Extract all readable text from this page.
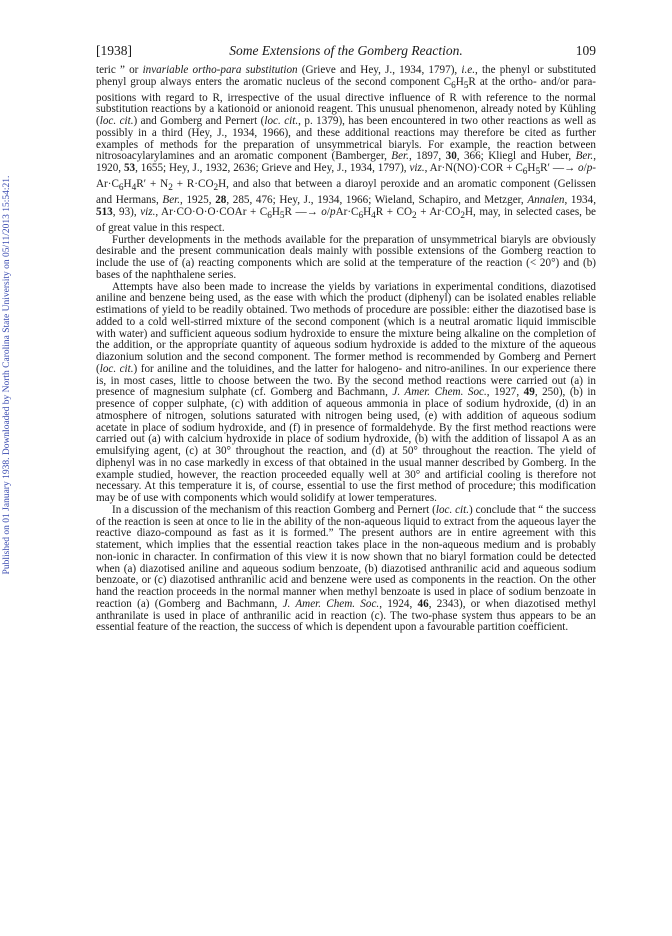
[1938]	Some Extensions of the Gomberg Reaction.	109
Published on 01 January 1938. Downloaded by North Carolina State University on 05/11/2013 15:54:21.

teric ” or invariable ortho-para substitution (Grieve and Hey, J., 1934, 1797), i.e., the phenyl or substituted phenyl group always enters the aromatic nucleus of the second component $C_6H_5R$ at the ortho- and/or para-positions with regard to R, irrespective of the usual directive influence of R with reference to the normal substitution reactions by a kationoid or anionoid reagent. This unusual phenomenon, already noted by Kühling (loc. cit.) and Gomberg and Pernert (loc. cit., p. 1379), has been encountered in two other reactions as well as possibly in a third (Hey, J., 1934, 1966), and these additional reactions may therefore be cited as further examples of methods for the preparation of unsymmetrical biaryls. For example, the reaction between nitrosoacylarylamines and an aromatic component (Bamberger, Ber., 1897, 30, 366; Kliegl and Huber, Ber., 1920, 53, 1655; Hey, J., 1932, 2636; Grieve and Hey, J., 1934, 1797), viz., $Ar\cdot N(NO)\cdot COR + C_6H_5R'$ —→ $o/p-Ar\cdot C_6H_4R' + N_2 + R\cdot CO_2H$, and also that between a diaroyl peroxide and an aromatic component (Gelissen and Hermans, Ber., 1925, 28, 285, 476; Hey, J., 1934, 1966; Wieland, Schapiro, and Metzger, Annalen, 1934, 513, 93), viz., Ar·CO·O·O·COAr + $C_6H_5R$ —→ $o/pAr\cdot C_6H_4R + CO_2 + Ar\cdot CO_2H$, may, in selected cases, be of great value in this respect.

Further developments in the methods available for the preparation of unsymmetrical biaryls are obviously desirable and the present communication deals mainly with possible extensions of the Gomberg reaction to include the use of (a) reacting components which are solid at the temperature of the reaction (< 20°) and (b) bases of the naphthalene series.

Attempts have also been made to increase the yields by variations in experimental conditions, diazotised aniline and benzene being used, as the ease with which the product (diphenyl) can be isolated enables reliable estimations of yield to be readily obtained. Two methods of procedure are possible: either the diazotised base is added to a cold well-stirred mixture of the second component (which is a neutral aromatic liquid immiscible with water) and sufficient aqueous sodium hydroxide to ensure the mixture being alkaline on the completion of the addition, or the appropriate quantity of aqueous sodium hydroxide is added to the mixture of the aqueous diazonium solution and the second component. The former method is recommended by Gomberg and Pernert (loc. cit.) for aniline and the toluidines, and the latter for halogeno- and nitro-anilines. In our experience there is, in most cases, little to choose between the two. By the second method reactions were carried out (a) in presence of magnesium sulphate (cf. Gomberg and Bachmann, J. Amer. Chem. Soc., 1927, 49, 250), (b) in presence of copper sulphate, (c) with addition of aqueous ammonia in place of sodium hydroxide, (d) in an atmosphere of nitrogen, solutions saturated with nitrogen being used, (e) with addition of aqueous sodium acetate in place of sodium hydroxide, and (f) in presence of formaldehyde. By the first method reactions were carried out (a) with calcium hydroxide in place of sodium hydroxide, (b) with the addition of lissapol A as an emulsifying agent, (c) at 30° throughout the reaction, and (d) at 50° throughout the reaction. The yield of diphenyl was in no case markedly in excess of that obtained in the usual manner described by Gomberg. In the example studied, however, the reaction proceeded equally well at 30° and artificial cooling is therefore not necessary. At this temperature it is, of course, essential to use the first method of procedure; this modification may be of use with components which would solidify at lower temperatures.

In a discussion of the mechanism of this reaction Gomberg and Pernert (loc. cit.) conclude that “ the success of the reaction is seen at once to lie in the ability of the non-aqueous liquid to extract from the aqueous layer the reactive diazo-compound as fast as it is formed.” The present authors are in entire agreement with this statement, which implies that the essential reaction takes place in the non-aqueous medium and is probably non-ionic in character. In confirmation of this view it is now shown that no biaryl formation could be detected when (a) diazotised aniline and aqueous sodium benzoate, (b) diazotised anthranilic acid and aqueous sodium benzoate, or (c) diazotised anthranilic acid and benzene were used as components in the reaction. On the other hand the reaction proceeds in the normal manner when methyl benzoate is used in place of sodium benzoate in reaction (a) (Gomberg and Bachmann, J. Amer. Chem. Soc., 1924, 46, 2343), or when diazotised methyl anthranilate is used in place of anthranilic acid in reaction (c). The two-phase system thus appears to be an essential feature of the reaction, the success of which is dependent upon a favourable partition coefficient.
